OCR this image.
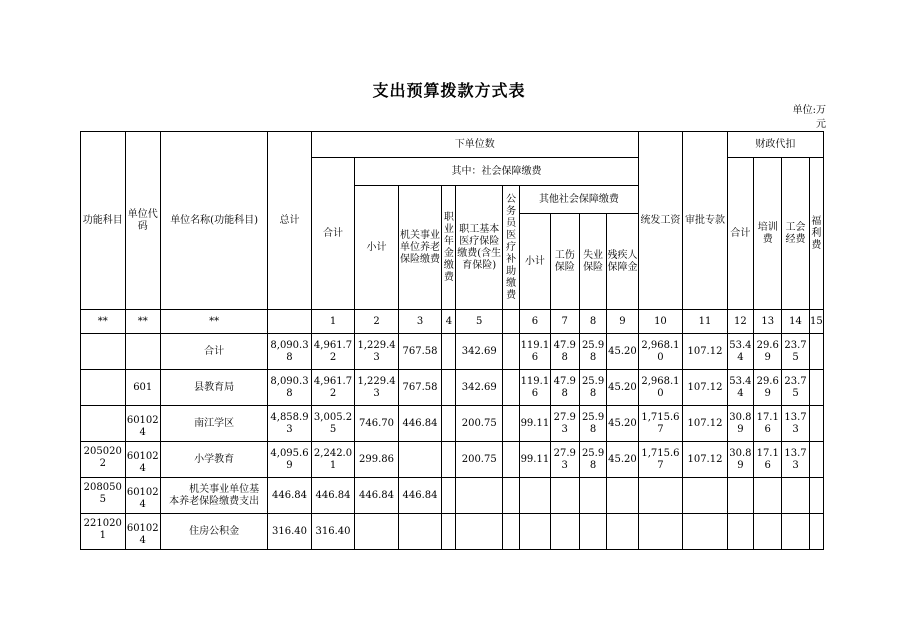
支出预算拨款方式表
单位:万
元
功能科目	单位代码	单位名称(功能科目)	总计	下单位数										统发工资	审批专款	财政代扣			
				合计	其中：社会保障缴费											合计	培训费	工会经费	福利费
					小计	机关事业单位养老保险缴费	职业年金缴费	职工基本医疗保险缴费(含生育保险)	公务员医疗补助缴费	其他社会保障缴费									
										小计	工伤保险	失业保险	残疾人保障金						
**	**	**		1	2	3	4	5		6	7	8	9	10	11	12	13	14	15
		合计	8,090.38	4,961.72	1,229.43	767.58		342.69		119.16	47.98	25.98	45.20	2,968.10	107.12	53.44	29.69	23.75	
	601	县教育局	8,090.38	4,961.72	1,229.43	767.58		342.69		119.16	47.98	25.98	45.20	2,968.10	107.12	53.44	29.69	23.75	
	601024	南江学区	4,858.93	3,005.25	746.70	446.84		200.75		99.11	27.93	25.98	45.20	1,715.67	107.12	30.89	17.16	13.73	
2050202	601024	小学教育	4,095.69	2,242.01	299.86			200.75		99.11	27.93	25.98	45.20	1,715.67	107.12	30.89	17.16	13.73	
2080505	601024	机关事业单位基
本养老保险缴费支出	446.84	446.84	446.84	446.84													
2210201	601024	住房公积金	316.40	316.40															
